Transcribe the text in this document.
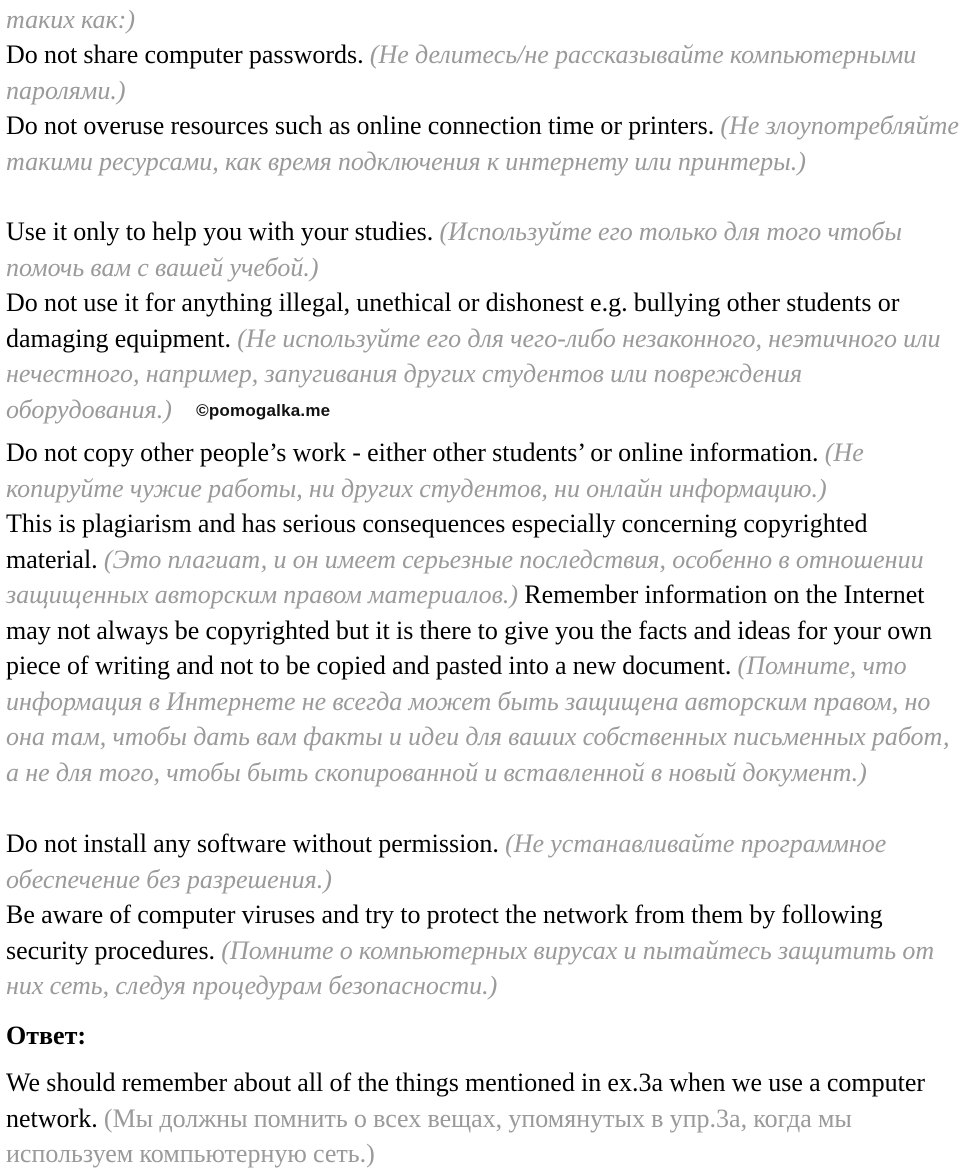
таких как:)

Do not share computer passwords. (Не делитесь/не рассказывайте компьютерными паролями.)

Do not overuse resources such as online connection time or printers. (Не злоупотребляйте такими ресурсами, как время подключения к интернету или принтеры.)

Use it only to help you with your studies. (Используйте его только для того чтобы помочь вам с вашей учебой.)

Do not use it for anything illegal, unethical or dishonest e.g. bullying other students or damaging equipment. (Не используйте его для чего-либо незаконного, неэтичного или нечестного, например, запугивания других студентов или повреждения оборудования.) ©pomogalka.me

Do not copy other people’s work - either other students’ or online information. (Не копируйте чужие работы, ни других студентов, ни онлайн информацию.)

This is plagiarism and has serious consequences especially concerning copyrighted material. (Это плагиат, и он имеет серьезные последствия, особенно в отношении защищенных авторским правом материалов.) Remember information on the Internet may not always be copyrighted but it is there to give you the facts and ideas for your own piece of writing and not to be copied and pasted into a new document. (Помните, что информация в Интернете не всегда может быть защищена авторским правом, но она там, чтобы дать вам факты и идеи для ваших собственных письменных работ, а не для того, чтобы быть скопированной и вставленной в новый документ.)

Do not install any software without permission. (Не устанавливайте программное обеспечение без разрешения.)

Be aware of computer viruses and try to protect the network from them by following security procedures. (Помните о компьютерных вирусах и пытайтесь защитить от них сеть, следуя процедурам безопасности.)

Ответ:

We should remember about all of the things mentioned in ex.3a when we use a computer network. (Мы должны помнить о всех вещах, упомянутых в упр.3а, когда мы используем компьютерную сеть.)
